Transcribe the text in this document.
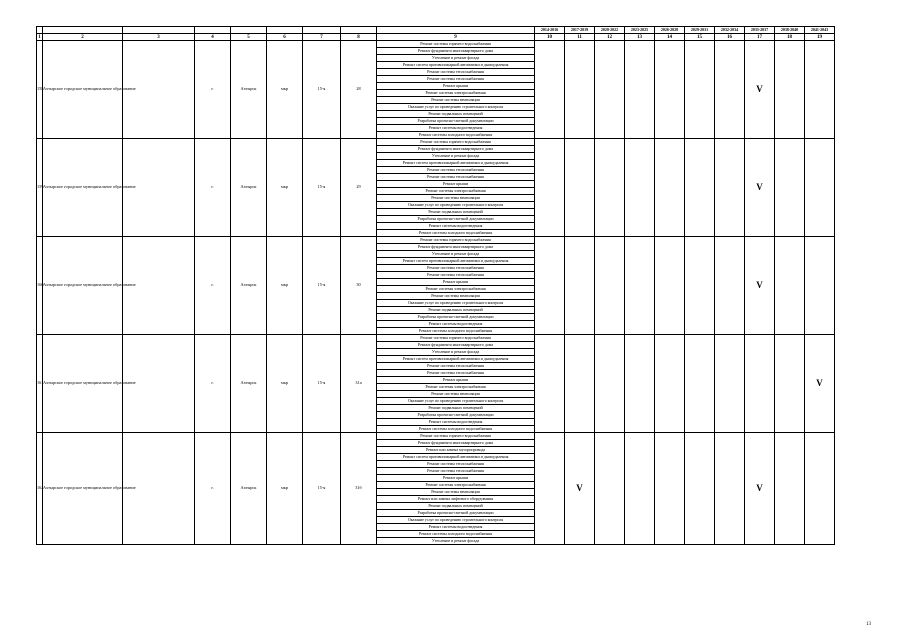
									2014-2016	2017-2019	2020-2022	2023-2025	2026-2028	2029-2031	2032-2034	2035-2037	2038-2040	2041-2043
1	2	3	4	5	6	7	8	9	10	11	12	13	14	15	16	17	18	19
158	Ахтырское городское муниципальное образование		г.	Ахтырск	мкр	15-я	28	Ремонт системы горячего водоснабжения								V		
								Ремонт фундамента многоквартирного дома										
								Утепление и ремонт фасада										
								Ремонт систем противопожарной автоматики и дымоудаления										
								Ремонт системы теплоснабжения										
								Ремонт системы теплоснабжения										
								Ремонт крыши										
								Ремонт системы электроснабжения										
								Ремонт системы вентиляции										
								Оказание услуг по проведению строительного контроля										
								Ремонт подвальных помещений										
								Разработка проектно-сметной документации										
								Ремонт системы водоотведения										
								Ремонт системы холодного водоснабжения										
159	Ахтырское городское муниципальное образование		г.	Ахтырск	мкр	15-я	29	Ремонт системы горячего водоснабжения								V		
								Ремонт фундамента многоквартирного дома										
								Утепление и ремонт фасада										
								Ремонт систем противопожарной автоматики и дымоудаления										
								Ремонт системы теплоснабжения										
								Ремонт системы теплоснабжения										
								Ремонт крыши										
								Ремонт системы электроснабжения										
								Ремонт системы вентиляции										
								Оказание услуг по проведению строительного контроля										
								Ремонт подвальных помещений										
								Разработка проектно-сметной документации										
								Ремонт системы водоотведения										
								Ремонт системы холодного водоснабжения										
160	Ахтырское городское муниципальное образование		г.	Ахтырск	мкр	15-я	30	Ремонт системы горячего водоснабжения								V		
								Ремонт фундамента многоквартирного дома										
								Утепление и ремонт фасада										
								Ремонт систем противопожарной автоматики и дымоудаления										
								Ремонт системы теплоснабжения										
								Ремонт системы теплоснабжения										
								Ремонт крыши										
								Ремонт системы электроснабжения										
								Ремонт системы вентиляции										
								Оказание услуг по проведению строительного контроля										
								Ремонт подвальных помещений										
								Разработка проектно-сметной документации										
								Ремонт системы водоотведения										
								Ремонт системы холодного водоснабжения										
161	Ахтырское городское муниципальное образование		г.	Ахтырск	мкр	15-я	31а	Ремонт системы горячего водоснабжения										V
								Ремонт фундамента многоквартирного дома										
								Утепление и ремонт фасада										
								Ремонт систем противопожарной автоматики и дымоудаления										
								Ремонт системы теплоснабжения										
								Ремонт системы теплоснабжения										
								Ремонт крыши										
								Ремонт системы электроснабжения										
								Ремонт системы вентиляции										
								Оказание услуг по проведению строительного контроля										
								Ремонт подвальных помещений										
								Разработка проектно-сметной документации										
								Ремонт системы водоотведения										
								Ремонт системы холодного водоснабжения										
162	Ахтырское городское муниципальное образование		г.	Ахтырск	мкр	15-я	31б	Ремонт системы горячего водоснабжения		V						V		
								Ремонт фундамента многоквартирного дома										
								Ремонт или замена мусоропровода										
								Ремонт систем противопожарной автоматики и дымоудаления										
								Ремонт системы теплоснабжения										
								Ремонт системы теплоснабжения										
								Ремонт крыши										
								Ремонт системы электроснабжения										
								Ремонт системы вентиляции										
								Ремонт или замена лифтового оборудования										
								Ремонт подвальных помещений										
								Разработка проектно-сметной документации										
								Оказание услуг по проведению строительного контроля										
								Ремонт системы водоотведения										
								Ремонт системы холодного водоснабжения										
								Утепление и ремонт фасада										
13
